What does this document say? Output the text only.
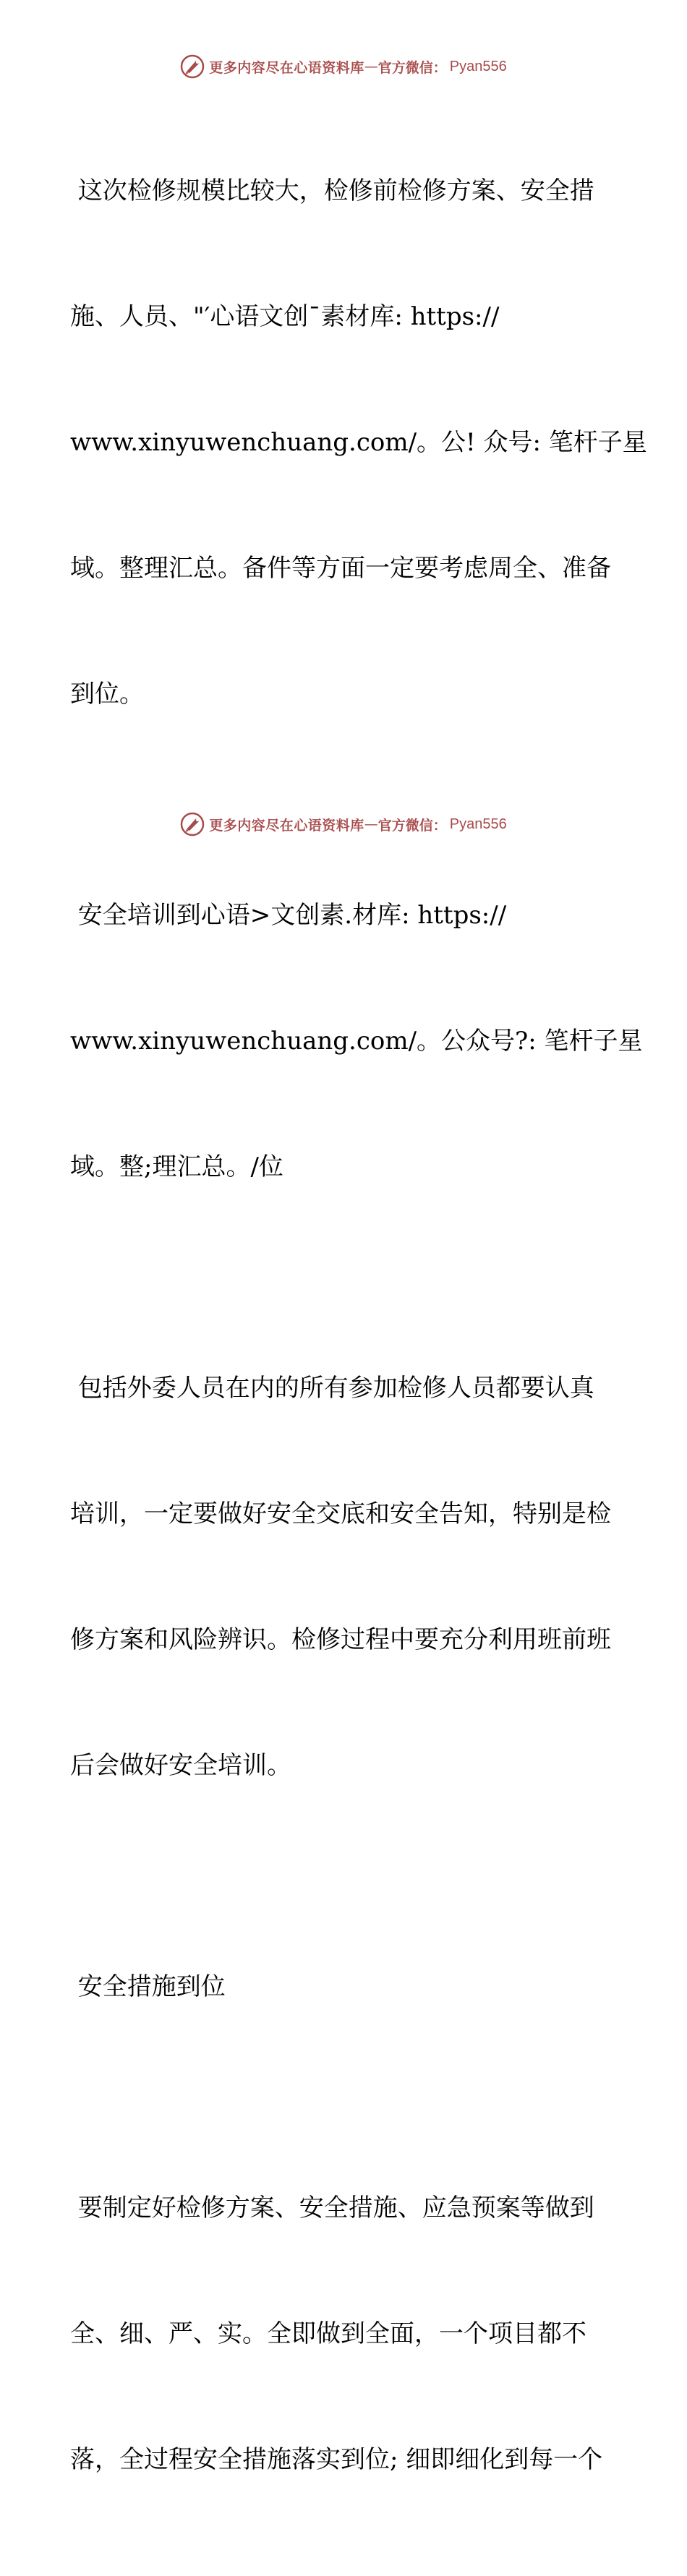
更多内容尽在心语资料库 — 官方微信： Pyan556

这次检修规模比较大，检修前检修方案、安全措

施、人员、"′心语文创¯素材库: https://

www.xinyuwenchuang.com/。公! 众号: 笔杆子星

域。整理汇总。备件等方面一定要考虑周全、准备

到位。

安全培训到心语>文创素.材库: https://

www.xinyuwenchuang.com/。公众号?: 笔杆子星

域。整;理汇总。/位

包括外委人员在内的所有参加检修人员都要认真

培训，一定要做好安全交底和安全告知，特别是检

修方案和风险辨识。检修过程中要充分利用班前班

后会做好安全培训。

安全措施到位

要制定好检修方案、安全措施、应急预案等做到

全、细、严、实。全即做到全面，一个项目都不

落，全过程安全措施落实到位; 细即细化到每一个

更多内容尽在心语资料库 — 官方微信： Pyan556
